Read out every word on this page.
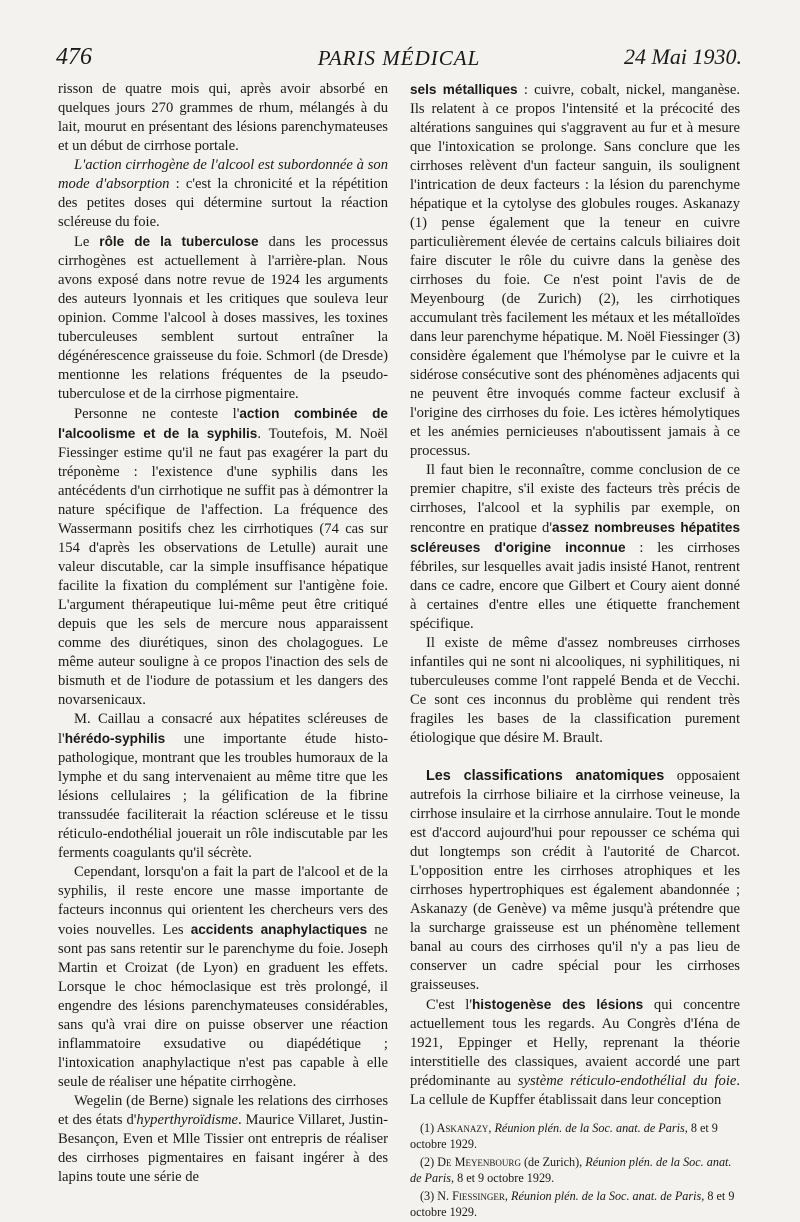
476	PARIS MÉDICAL	24 Mai 1930.

risson de quatre mois qui, après avoir absorbé en quelques jours 270 grammes de rhum, mélangés à du lait, mourut en présentant des lésions parenchymateuses et un début de cirrhose portale.

L'action cirrhogène de l'alcool est subordonnée à son mode d'absorption : c'est la chronicité et la répétition des petites doses qui détermine surtout la réaction scléreuse du foie.

Le rôle de la tuberculose dans les processus cirrhogènes est actuellement à l'arrière-plan. Nous avons exposé dans notre revue de 1924 les arguments des auteurs lyonnais et les critiques que souleva leur opinion. Comme l'alcool à doses massives, les toxines tuberculeuses semblent surtout entraîner la dégénérescence graisseuse du foie. Schmorl (de Dresde) mentionne les relations fréquentes de la pseudo-tuberculose et de la cirrhose pigmentaire.

Personne ne conteste l'action combinée de l'alcoolisme et de la syphilis. Toutefois, M. Noël Fiessinger estime qu'il ne faut pas exagérer la part du tréponème : l'existence d'une syphilis dans les antécédents d'un cirrhotique ne suffit pas à démontrer la nature spécifique de l'affection. La fréquence des Wassermann positifs chez les cirrhotiques (74 cas sur 154 d'après les observations de Letulle) aurait une valeur discutable, car la simple insuffisance hépatique facilite la fixation du complément sur l'antigène foie. L'argument thérapeutique lui-même peut être critiqué depuis que les sels de mercure nous apparaissent comme des diurétiques, sinon des cholagogues. Le même auteur souligne à ce propos l'inaction des sels de bismuth et de l'iodure de potassium et les dangers des novarsenicaux.

M. Caillau a consacré aux hépatites scléreuses de l'hérédo-syphilis une importante étude histo-pathologique, montrant que les troubles humoraux de la lymphe et du sang intervenaient au même titre que les lésions cellulaires ; la gélification de la fibrine transsudée faciliterait la réaction scléreuse et le tissu réticulo-endothélial jouerait un rôle indiscutable par les ferments coagulants qu'il sécrète.

Cependant, lorsqu'on a fait la part de l'alcool et de la syphilis, il reste encore une masse importante de facteurs inconnus qui orientent les chercheurs vers des voies nouvelles. Les accidents anaphylactiques ne sont pas sans retentir sur le parenchyme du foie. Joseph Martin et Croizat (de Lyon) en graduent les effets. Lorsque le choc hémoclasique est très prolongé, il engendre des lésions parenchymateuses considérables, sans qu'à vrai dire on puisse observer une réaction inflammatoire exsudative ou diapédétique ; l'intoxication anaphylactique n'est pas capable à elle seule de réaliser une hépatite cirrhogène.

Wegelin (de Berne) signale les relations des cirrhoses et des états d'hyperthyroïdisme. Maurice Villaret, Justin-Besançon, Even et Mlle Tissier ont entrepris de réaliser des cirrhoses pigmentaires en faisant ingérer à des lapins toute une série de

sels métalliques : cuivre, cobalt, nickel, manganèse. Ils relatent à ce propos l'intensité et la précocité des altérations sanguines qui s'aggravent au fur et à mesure que l'intoxication se prolonge. Sans conclure que les cirrhoses relèvent d'un facteur sanguin, ils soulignent l'intrication de deux facteurs : la lésion du parenchyme hépatique et la cytolyse des globules rouges. Askanazy (1) pense également que la teneur en cuivre particulièrement élevée de certains calculs biliaires doit faire discuter le rôle du cuivre dans la genèse des cirrhoses du foie. Ce n'est point l'avis de de Meyenbourg (de Zurich) (2), les cirrhotiques accumulant très facilement les métaux et les métalloïdes dans leur parenchyme hépatique. M. Noël Fiessinger (3) considère également que l'hémolyse par le cuivre et la sidérose consécutive sont des phénomènes adjacents qui ne peuvent être invoqués comme facteur exclusif à l'origine des cirrhoses du foie. Les ictères hémolytiques et les anémies pernicieuses n'aboutissent jamais à ce processus.

Il faut bien le reconnaître, comme conclusion de ce premier chapitre, s'il existe des facteurs très précis de cirrhoses, l'alcool et la syphilis par exemple, on rencontre en pratique d'assez nombreuses hépatites scléreuses d'origine inconnue : les cirrhoses fébriles, sur lesquelles avait jadis insisté Hanot, rentrent dans ce cadre, encore que Gilbert et Coury aient donné à certaines d'entre elles une étiquette franchement spécifique.

Il existe de même d'assez nombreuses cirrhoses infantiles qui ne sont ni alcooliques, ni syphilitiques, ni tuberculeuses comme l'ont rappelé Benda et de Vecchi. Ce sont ces inconnus du problème qui rendent très fragiles les bases de la classification purement étiologique que désire M. Brault.

Les classifications anatomiques opposaient autrefois la cirrhose biliaire et la cirrhose veineuse, la cirrhose insulaire et la cirrhose annulaire. Tout le monde est d'accord aujourd'hui pour repousser ce schéma qui dut longtemps son crédit à l'autorité de Charcot. L'opposition entre les cirrhoses atrophiques et les cirrhoses hypertrophiques est également abandonnée ; Askanazy (de Genève) va même jusqu'à prétendre que la surcharge graisseuse est un phénomène tellement banal au cours des cirrhoses qu'il n'y a pas lieu de conserver un cadre spécial pour les cirrhoses graisseuses.

C'est l'histogenèse des lésions qui concentre actuellement tous les regards. Au Congrès d'Iéna de 1921, Eppinger et Helly, reprenant la théorie interstitielle des classiques, avaient accordé une part prédominante au système réticulo-endothélial du foie. La cellule de Kupffer établissait dans leur conception

(1) Askanazy, Réunion plén. de la Soc. anat. de Paris, 8 et 9 octobre 1929.

(2) De Meyenbourg (de Zurich), Réunion plén. de la Soc. anat. de Paris, 8 et 9 octobre 1929.

(3) N. Fiessinger, Réunion plén. de la Soc. anat. de Paris, 8 et 9 octobre 1929.
